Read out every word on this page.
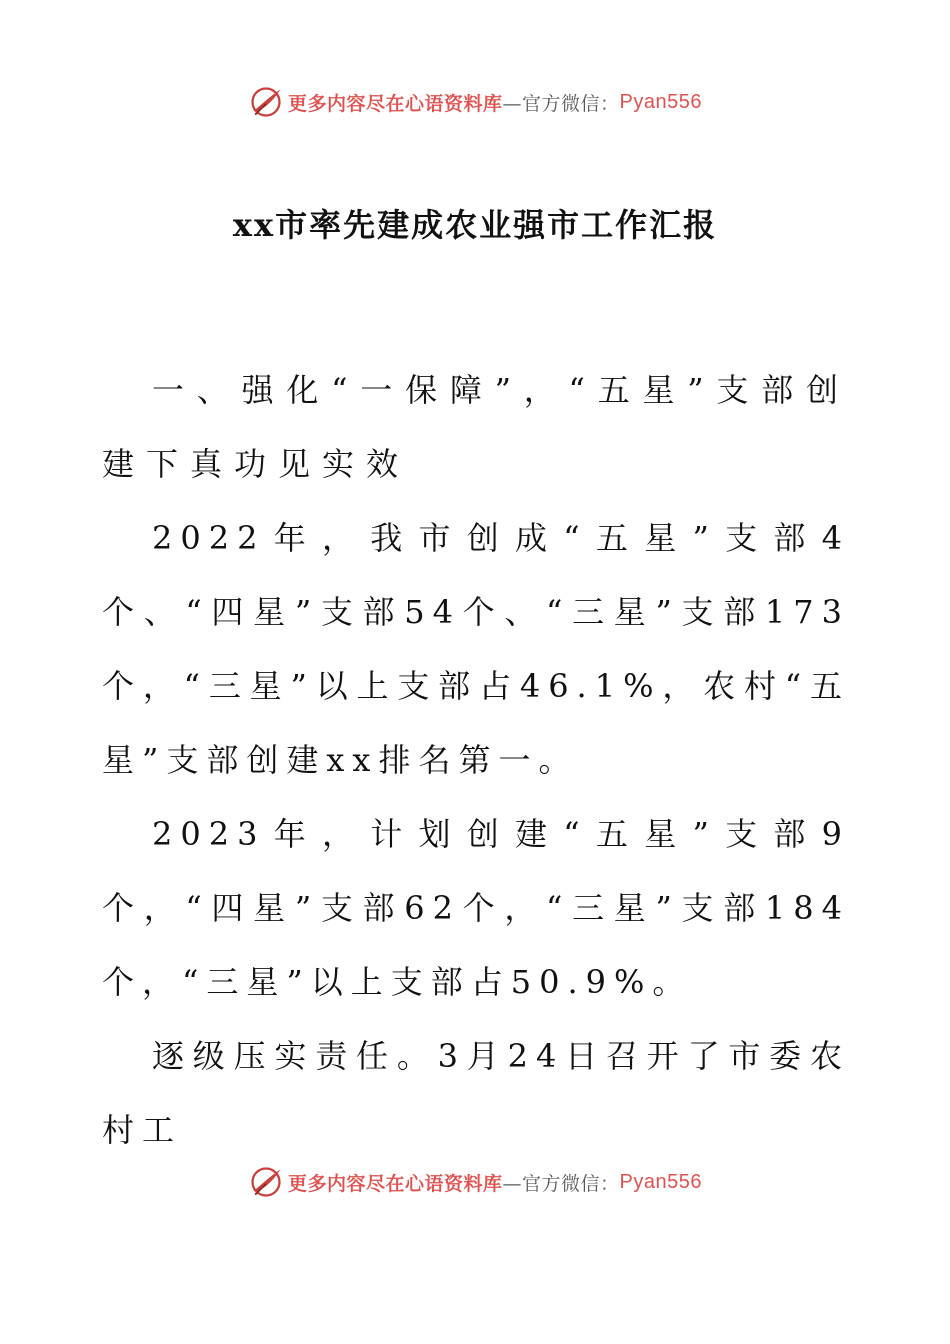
更多内容尽在心语资料库 —官方微信： Pyan556
xx市率先建成农业强市工作汇报

一、强化“一保障”，“五星”支部创建下真功见实效

2022年，我市创成“五星”支部4个、“四星”支部54个、“三星”支部173个，“三星”以上支部占46.1%，农村“五星”支部创建xx排名第一。

2023年，计划创建“五星”支部9个，“四星”支部62个，“三星”支部184个，“三星”以上支部占50.9%。

逐级压实责任。3月24日召开了市委农村工

更多内容尽在心语资料库 —官方微信： Pyan556
